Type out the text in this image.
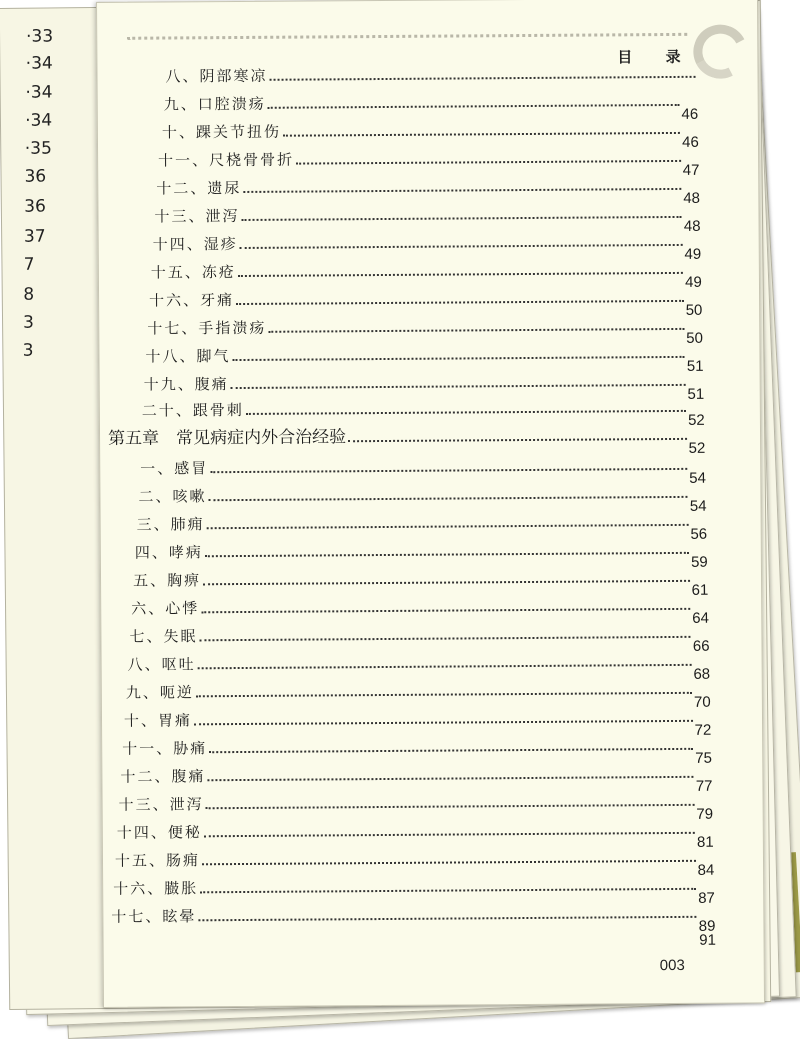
·33
·34
·34
·34
·35
36
36
37
7
8
3
3
目 录
八、阴部寒凉
九、口腔溃疡
46
十、踝关节扭伤
46
十一、尺桡骨骨折
47
十二、遗尿
48
十三、泄泻
48
十四、湿疹
49
十五、冻疮
49
十六、牙痛
50
十七、手指溃疡
50
十八、脚气
51
十九、腹痛
51
二十、跟骨刺
52
第五章　常见病症内外合治经验
52
一、感冒
54
二、咳嗽
54
三、肺痈
56
四、哮病
59
五、胸痹
61
六、心悸
64
七、失眠
66
八、呕吐
68
九、呃逆
70
十、胃痛
72
十一、胁痛
75
十二、腹痛
77
十三、泄泻
79
十四、便秘
81
十五、肠痈
84
十六、臌胀
87
十七、眩晕
89
91
003
